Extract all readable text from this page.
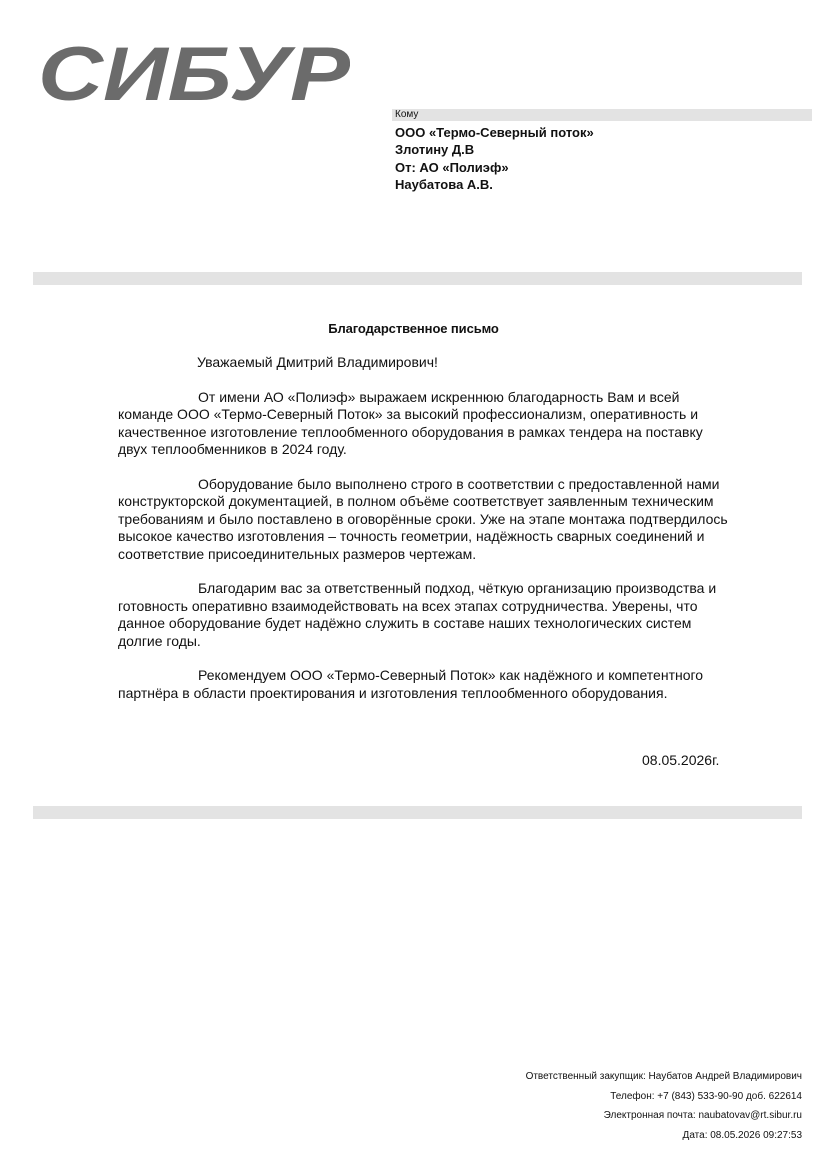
СИБУР	Кому
ООО «Термо-Северный поток»
Злотину Д.В
От: АО «Полиэф»
Наубатова А.В.
Благодарственное письмо
Уважаемый Дмитрий Владимирович!

От имени АО «Полиэф» выражаем искреннюю благодарность Вам и всей команде ООО «Термо-Северный Поток» за высокий профессионализм, оперативность и качественное изготовление теплообменного оборудования в рамках тендера на поставку двух теплообменников в 2024 году.

Оборудование было выполнено строго в соответствии с предоставленной нами конструкторской документацией, в полном объёме соответствует заявленным техническим требованиям и было поставлено в оговорённые сроки. Уже на этапе монтажа подтвердилось высокое качество изготовления – точность геометрии, надёжность сварных соединений и соответствие присоединительных размеров чертежам.

Благодарим вас за ответственный подход, чёткую организацию производства и готовность оперативно взаимодействовать на всех этапах сотрудничества. Уверены, что данное оборудование будет надёжно служить в составе наших технологических систем долгие годы.

Рекомендуем ООО «Термо-Северный Поток» как надёжного и компетентного партнёра в области проектирования и изготовления теплообменного оборудования.

08.05.2026г.
Ответственный закупщик: Наубатов Андрей Владимирович
Телефон: +7 (843) 533-90-90 доб. 622614
Электронная почта: naubatovav@rt.sibur.ru
Дата: 08.05.2026 09:27:53
